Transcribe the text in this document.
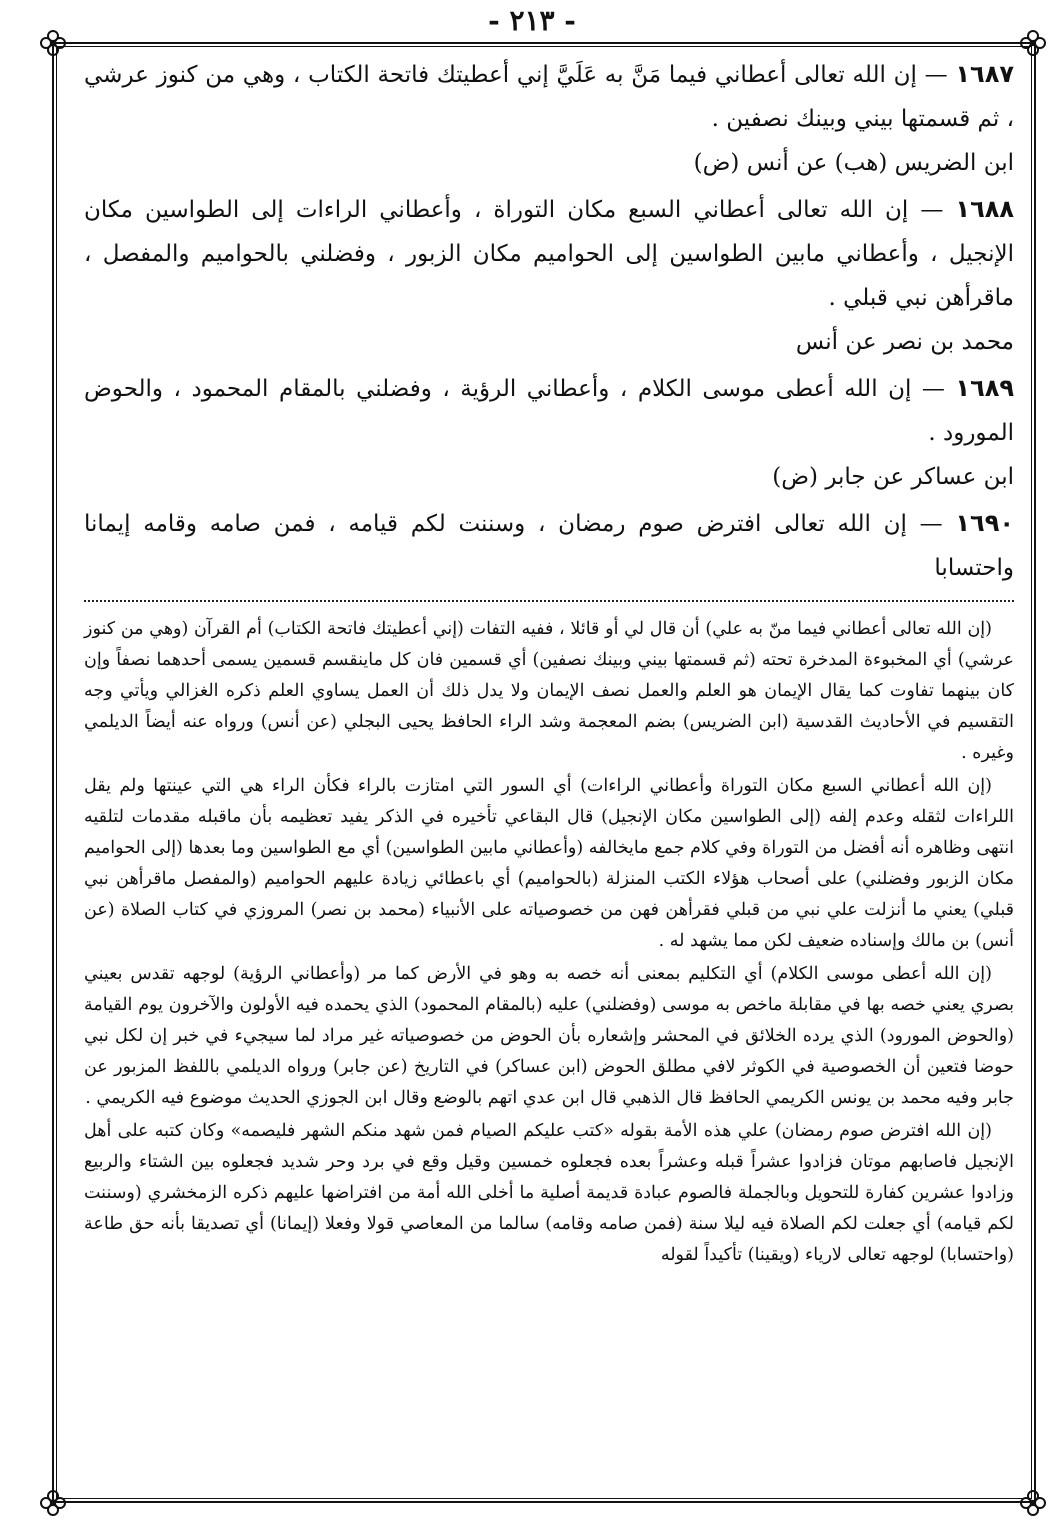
- ٢١٣ -
١٦٨٧ — إن الله تعالى أعطاني فيما مَنَّ به عَلَيَّ إني أعطيتك فاتحة الكتاب ، وهي من كنوز عرشي ، ثم قسمتها بيني وبينك نصفين .
ابن الضريس (هب) عن أنس (ض)
١٦٨٨ — إن الله تعالى أعطاني السبع مكان التوراة ، وأعطاني الراءات إلى الطواسين مكان الإنجيل ، وأعطاني مابين الطواسين إلى الحواميم مكان الزبور ، وفضلني بالحواميم والمفصل ، ماقرأهن نبي قبلي .
محمد بن نصر عن أنس
١٦٨٩ — إن الله أعطى موسى الكلام ، وأعطاني الرؤية ، وفضلني بالمقام المحمود ، والحوض المورود .
ابن عساكر عن جابر (ض)
١٦٩٠ — إن الله تعالى افترض صوم رمضان ، وسننت لكم قيامه ، فمن صامه وقامه إيمانا واحتسابا

(إن الله تعالى أعطاني فيما منّ به علي) أن قال لي أو قائلا ، ففيه التفات (إني أعطيتك فاتحة الكتاب) أم القرآن (وهي من كنوز عرشي) أي المخبوءة المدخرة تحته (ثم قسمتها بيني وبينك نصفين) أي قسمين فان كل ماينقسم قسمين يسمى أحدهما نصفاً وإن كان بينهما تفاوت كما يقال الإيمان هو العلم والعمل نصف الإيمان ولا يدل ذلك أن العمل يساوي العلم ذكره الغزالي ويأتي وجه التقسيم في الأحاديث القدسية (ابن الضريس) بضم المعجمة وشد الراء الحافظ يحيى البجلي (عن أنس) ورواه عنه أيضاً الديلمي وغيره .

(إن الله أعطاني السبع مكان التوراة وأعطاني الراءات) أي السور التي امتازت بالراء فكأن الراء هي التي عينتها ولم يقل اللراءات لثقله وعدم إلفه (إلى الطواسين مكان الإنجيل) قال البقاعي تأخيره في الذكر يفيد تعظيمه بأن ماقبله مقدمات لتلقيه انتهى وظاهره أنه أفضل من التوراة وفي كلام جمع مايخالفه (وأعطاني مابين الطواسين) أي مع الطواسين وما بعدها (إلى الحواميم مكان الزبور وفضلني) على أصحاب هؤلاء الكتب المنزلة (بالحواميم) أي باعطائي زيادة عليهم الحواميم (والمفصل ماقرأهن نبي قبلي) يعني ما أنزلت علي نبي من قبلي فقرأهن فهن من خصوصياته على الأنبياء (محمد بن نصر) المروزي في كتاب الصلاة (عن أنس) بن مالك وإسناده ضعيف لكن مما يشهد له .

(إن الله أعطى موسى الكلام) أي التكليم بمعنى أنه خصه به وهو في الأرض كما مر (وأعطاني الرؤية) لوجهه تقدس بعيني بصري يعني خصه بها في مقابلة ماخص به موسى (وفضلني) عليه (بالمقام المحمود) الذي يحمده فيه الأولون والآخرون يوم القيامة (والحوض المورود) الذي يرده الخلائق في المحشر وإشعاره بأن الحوض من خصوصياته غير مراد لما سيجيء في خبر إن لكل نبي حوضا فتعين أن الخصوصية في الكوثر لافي مطلق الحوض (ابن عساكر) في التاريخ (عن جابر) ورواه الديلمي باللفظ المزبور عن جابر وفيه محمد بن يونس الكريمي الحافظ قال الذهبي قال ابن عدي اتهم بالوضع وقال ابن الجوزي الحديث موضوع فيه الكريمي .

(إن الله افترض صوم رمضان) علي هذه الأمة بقوله «كتب عليكم الصيام فمن شهد منكم الشهر فليصمه» وكان كتبه على أهل الإنجيل فاصابهم موتان فزادوا عشراً قبله وعشراً بعده فجعلوه خمسين وقيل وقع في برد وحر شديد فجعلوه بين الشتاء والربيع وزادوا عشرين كفارة للتحويل وبالجملة فالصوم عبادة قديمة أصلية ما أخلى الله أمة من افتراضها عليهم ذكره الزمخشري (وسننت لكم قيامه) أي جعلت لكم الصلاة فيه ليلا سنة (فمن صامه وقامه) سالما من المعاصي قولا وفعلا (إيمانا) أي تصديقا بأنه حق طاعة (واحتسابا) لوجهه تعالى لارياء (ويقينا) تأكيداً لقوله
